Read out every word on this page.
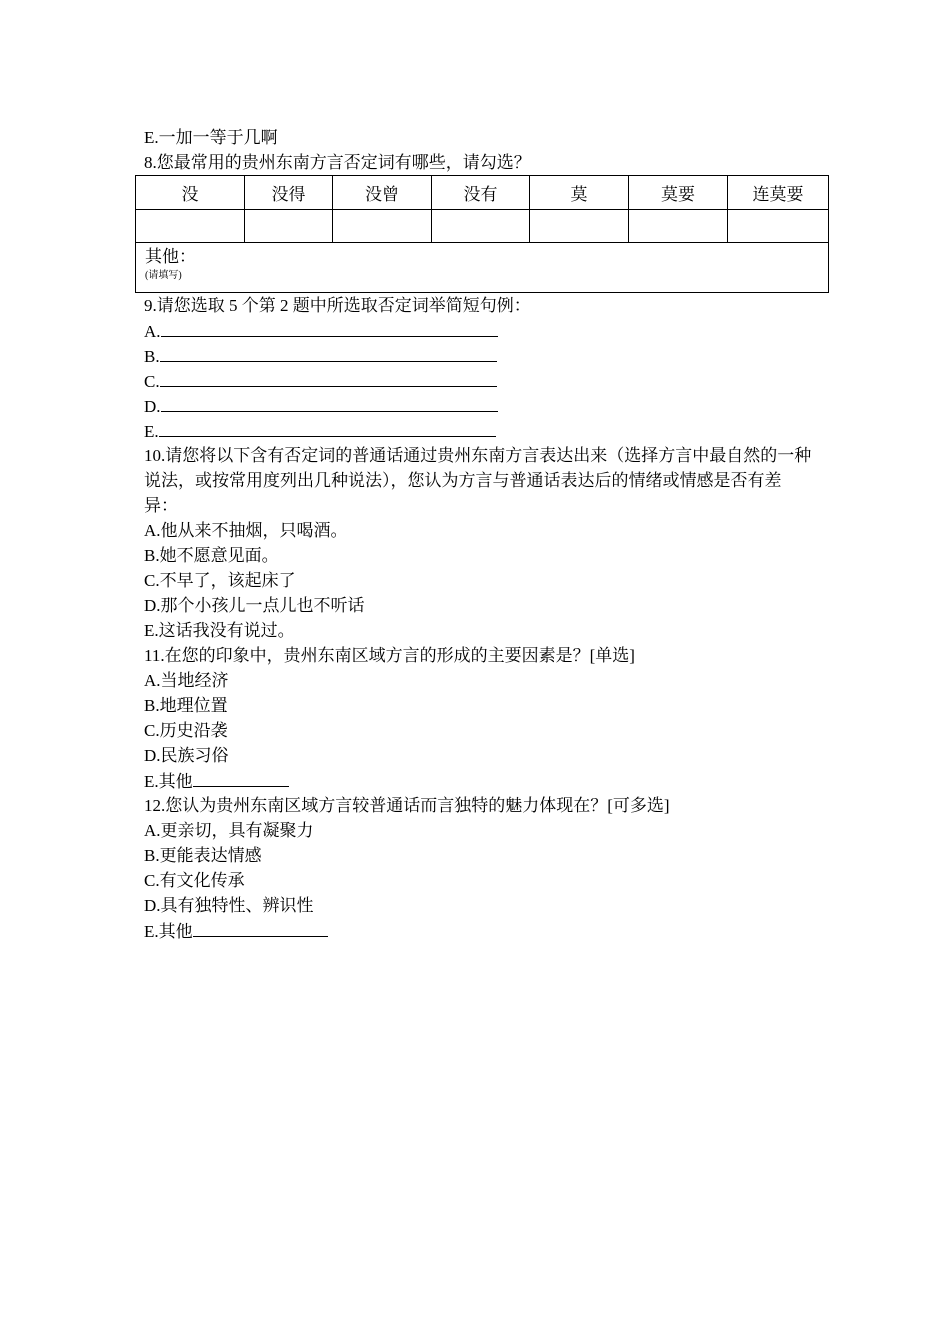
E.一加一等于几啊
8.您最常用的贵州东南方言否定词有哪些，请勾选？
没	没得	没曾	没有	莫	莫要	连莫要

其他：
(请填写)						
9.请您选取 5 个第 2 题中所选取否定词举简短句例：
A.
B.
C.
D.
E.
10.请您将以下含有否定词的普通话通过贵州东南方言表达出来（选择方言中最自然的一种说法，或按常用度列出几种说法），您认为方言与普通话表达后的情绪或情感是否有差异：
A.他从来不抽烟，只喝酒。
B.她不愿意见面。
C.不早了，该起床了
D.那个小孩儿一点儿也不听话
E.这话我没有说过。
11.在您的印象中，贵州东南区域方言的形成的主要因素是？[单选]
A.当地经济
B.地理位置
C.历史沿袭
D.民族习俗
E.其他
12.您认为贵州东南区域方言较普通话而言独特的魅力体现在？[可多选]
A.更亲切，具有凝聚力
B.更能表达情感
C.有文化传承
D.具有独特性、辨识性
E.其他
